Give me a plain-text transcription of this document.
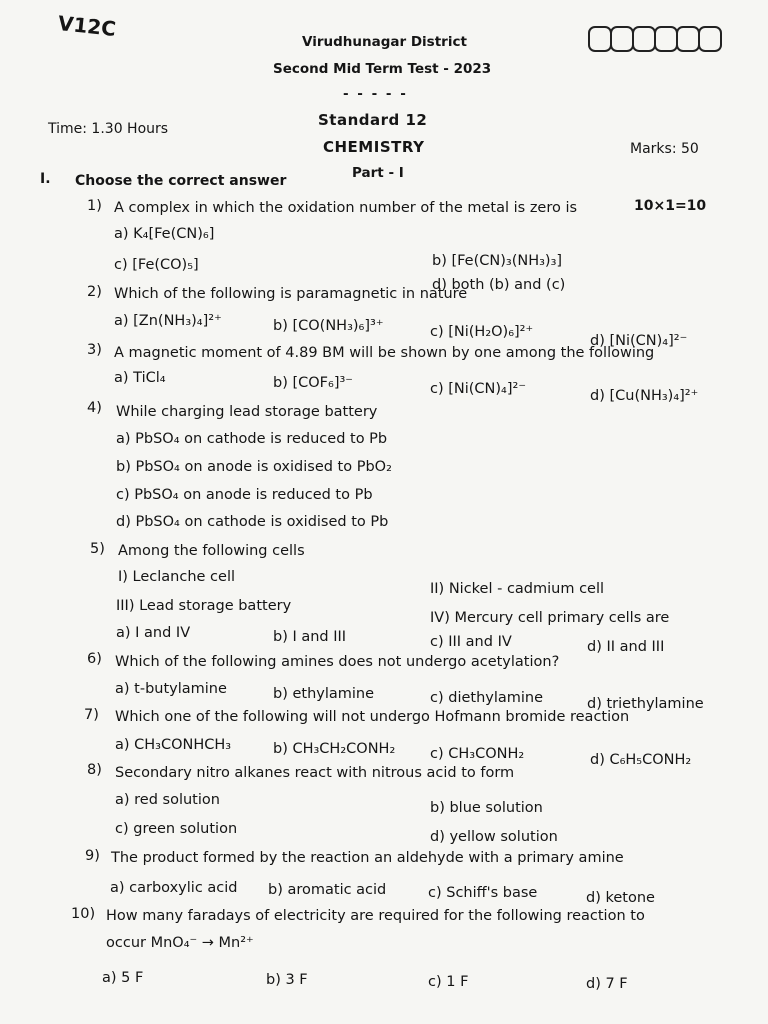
V12C
Virudhunagar District
Second Mid Term Test - 2023
- - - - -
Standard 12
Time: 1.30 Hours
CHEMISTRY	Marks: 50
Part - I
I. Choose the correct answer
10×1=10
1) A complex in which the oxidation number of the metal is zero is
a) K₄[Fe(CN)₆]
b) [Fe(CN)₃(NH₃)₃]
c) [Fe(CO)₅]
d) both (b) and (c)
2) Which of the following is paramagnetic in nature
a) [Zn(NH₃)₄]²⁺	b) [CO(NH₃)₆]³⁺	c) [Ni(H₂O)₆]²⁺
d) [Ni(CN)₄]²⁻
3) A magnetic moment of 4.89 BM will be shown by one among the following
a) TiCl₄	b) [COF₆]³⁻	c) [Ni(CN)₄]²⁻	d) [Cu(NH₃)₄]²⁺
4) While charging lead storage battery
a) PbSO₄ on cathode is reduced to Pb
b) PbSO₄ on anode is oxidised to PbO₂
c) PbSO₄ on anode is reduced to Pb
d) PbSO₄ on cathode is oxidised to Pb
5) Among the following cells
I) Leclanche cell
II) Nickel - cadmium cell
III) Lead storage battery
IV) Mercury cell primary cells are
a) I and IV	b) I and III	c) III and IV	d) II and III
6) Which of the following amines does not undergo acetylation?
a) t-butylamine	b) ethylamine	c) diethylamine	d) triethylamine
7) Which one of the following will not undergo Hofmann bromide reaction
a) CH₃CONHCH₃	b) CH₃CH₂CONH₂ c) CH₃CONH₂	d) C₆H₅CONH₂
8) Secondary nitro alkanes react with nitrous acid to form
a) red solution	b) blue solution
c) green solution	d) yellow solution
9) The product formed by the reaction an aldehyde with a primary amine
a) carboxylic acid b) aromatic acid	c) Schiff's base	d) ketone
10) How many faradays of electricity are required for the following reaction to
occur MnO₄⁻ → Mn²⁺
a) 5 F	b) 3 F	c) 1 F	d) 7 F
